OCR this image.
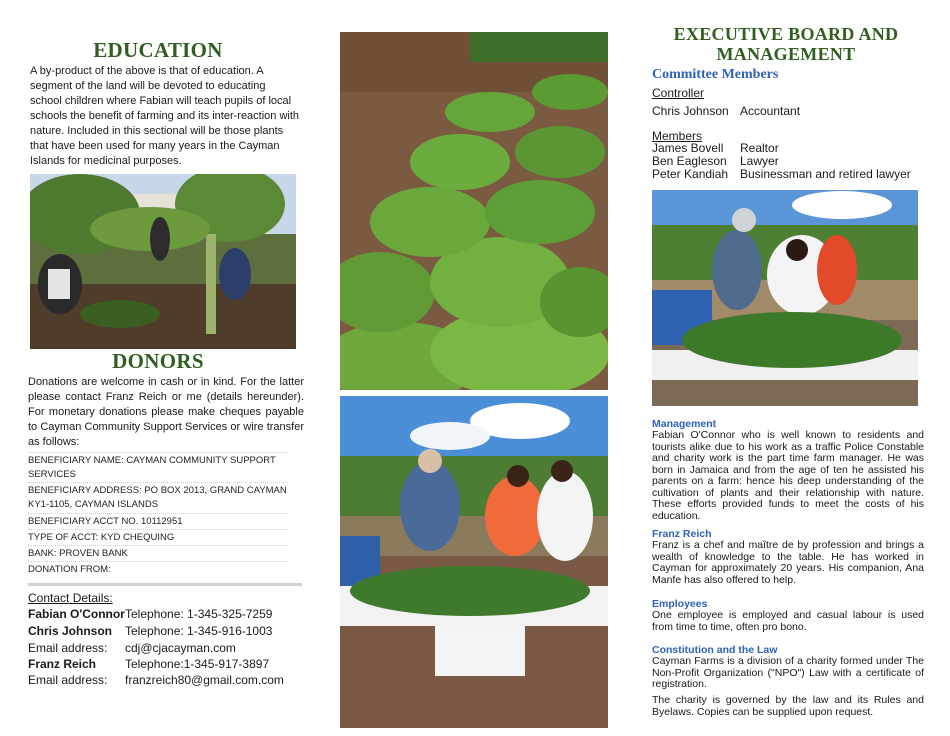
EDUCATION

A by-product of the above is that of education. A segment of the land will be devoted to educating school children where Fabian will teach pupils of local schools the benefit of farming and its inter-reaction with nature. Included in this sectional will be those plants that have been used for many years in the Cayman Islands for medicinal purposes.

DONORS

Donations are welcome in cash or in kind. For the latter please contact Franz Reich or me (details hereunder). For monetary donations please make cheques payable to Cayman Community Support Services or wire transfer as follows:

BENEFICIARY NAME: CAYMAN COMMUNITY SUPPORT SERVICES
BENEFICIARY ADDRESS: PO BOX 2013, GRAND CAYMAN KY1-1105, CAYMAN ISLANDS
BENEFICIARY ACCT NO. 10112951
TYPE OF ACCT: KYD CHEQUING
BANK: PROVEN BANK
DONATION FROM:
Contact Details:
Fabian O'ConnorTelephone: 1-345-325-7259
Chris Johnson Telephone: 1-345-916-1003
Email address: cdj@cjacayman.com
Franz Reich Telephone:1-345-917-3897
Email address: franzreich80@gmail.com.com
EXECUTIVE BOARD AND
MANAGEMENT
Committee Members
Controller
Chris Johnson Accountant
Members
James Bovell Realtor
Ben Eagleson Lawyer
Peter Kandiah Businessman and retired lawyer
Management

Fabian O'Connor who is well known to residents and tourists alike due to his work as a traffic Police Constable and charity work is the part time farm manager. He was born in Jamaica and from the age of ten he assisted his parents on a farm: hence his deep understanding of the cultivation of plants and their relationship with nature. These efforts provided funds to meet the costs of his education.

Franz Reich

Franz is a chef and maître de by profession and brings a wealth of knowledge to the table. He has worked in Cayman for approximately 20 years. His companion, Ana Manfe has also offered to help.

Employees

One employee is employed and casual labour is used from time to time, often pro bono.

Constitution and the Law

Cayman Farms is a division of a charity formed under The Non-Profit Organization ("NPO") Law with a certificate of registration.

The charity is governed by the law and its Rules and Byelaws. Copies can be supplied upon request.
